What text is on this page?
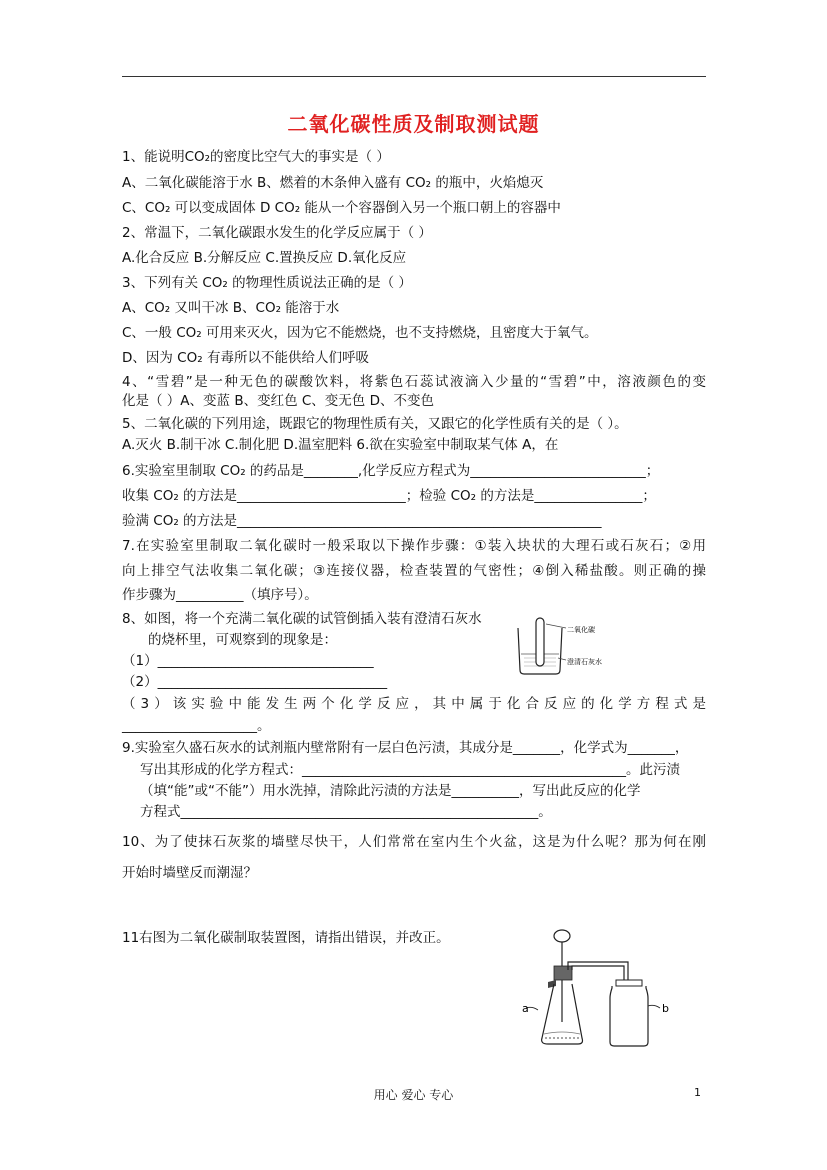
二氧化碳性质及制取测试题
1、能说明CO₂的密度比空气大的事实是（ ）
A、二氧化碳能溶于水 B、燃着的木条伸入盛有 CO₂ 的瓶中，火焰熄灭
C、CO₂ 可以变成固体 D CO₂ 能从一个容器倒入另一个瓶口朝上的容器中
2、常温下，二氧化碳跟水发生的化学反应属于（ ）
A.化合反应 B.分解反应 C.置换反应 D.氧化反应
3、下列有关 CO₂ 的物理性质说法正确的是（ ）
A、CO₂ 又叫干冰 B、CO₂ 能溶于水
C、一般 CO₂ 可用来灭火，因为它不能燃烧，也不支持燃烧，且密度大于氧气。
D、因为 CO₂ 有毒所以不能供给人们呼吸
4、“雪碧”是一种无色的碳酸饮料，将紫色石蕊试液滴入少量的“雪碧”中，溶液颜色的变
化是（ ）A、变蓝 B、变红色 C、变无色 D、不变色
5、二氧化碳的下列用途，既跟它的物理性质有关，又跟它的化学性质有关的是（ ）。
A.灭火 B.制干冰 C.制化肥 D.温室肥料 6.欲在实验室中制取某气体 A，在
6.实验室里制取 CO₂ 的药品是________,化学反应方程式为__________________________；
收集 CO₂ 的方法是_________________________；检验 CO₂ 的方法是________________；
验满 CO₂ 的方法是______________________________________________________
7.在实验室里制取二氧化碳时一般采取以下操作步骤：①装入块状的大理石或石灰石；②用
向上排空气法收集二氧化碳；③连接仪器，检查装置的气密性；④倒入稀盐酸。则正确的操
作步骤为__________（填序号）。
8、如图，将一个充满二氧化碳的试管倒插入装有澄清石灰水
的烧杯里，可观察到的现象是：
（1）________________________________
（2）__________________________________
（3）该实验中能发生两个化学反应，其中属于化合反应的化学方程式是
____________________。
9.实验室久盛石灰水的试剂瓶内壁常附有一层白色污渍，其成分是_______，化学式为_______，
写出其形成的化学方程式：________________________________________________。此污渍
（填“能”或“不能”）用水洗掉，清除此污渍的方法是__________，写出此反应的化学
方程式_____________________________________________________。
10、为了使抹石灰浆的墙壁尽快干，人们常常在室内生个火盆，这是为什么呢？那为何在刚
开始时墙壁反而潮湿？
11右图为二氧化碳制取装置图，请指出错误，并改正。
二氧化碳
澄清石灰水
a	b
用心 爱心 专心	1
